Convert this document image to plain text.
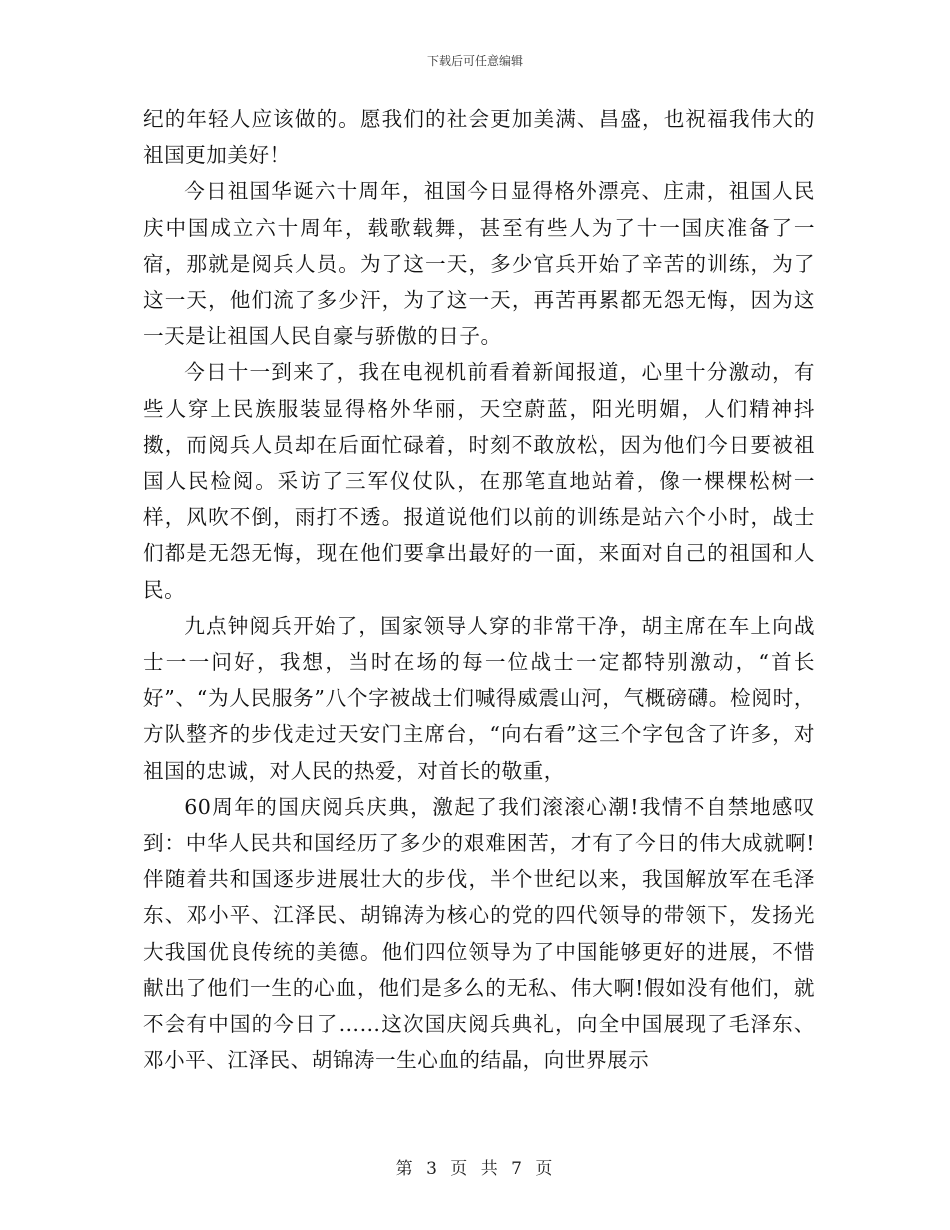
下载后可任意编辑

纪的年轻人应该做的。愿我们的社会更加美满、昌盛，也祝福我伟大的祖国更加美好！

今日祖国华诞六十周年，祖国今日显得格外漂亮、庄肃，祖国人民庆中国成立六十周年，载歌载舞，甚至有些人为了十一国庆准备了一宿，那就是阅兵人员。为了这一天，多少官兵开始了辛苦的训练，为了这一天，他们流了多少汗，为了这一天，再苦再累都无怨无悔，因为这一天是让祖国人民自豪与骄傲的日子。

今日十一到来了，我在电视机前看着新闻报道，心里十分激动，有些人穿上民族服装显得格外华丽，天空蔚蓝，阳光明媚，人们精神抖擞，而阅兵人员却在后面忙碌着，时刻不敢放松，因为他们今日要被祖国人民检阅。采访了三军仪仗队，在那笔直地站着，像一棵棵松树一样，风吹不倒，雨打不透。报道说他们以前的训练是站六个小时，战士们都是无怨无悔，现在他们要拿出最好的一面，来面对自己的祖国和人民。

九点钟阅兵开始了，国家领导人穿的非常干净，胡主席在车上向战士一一问好，我想，当时在场的每一位战士一定都特别激动，“首长好”、“为人民服务”八个字被战士们喊得威震山河，气概磅礴。检阅时，方队整齐的步伐走过天安门主席台，“向右看”这三个字包含了许多，对祖国的忠诚，对人民的热爱，对首长的敬重，

60周年的国庆阅兵庆典，激起了我们滚滚心潮!我情不自禁地感叹到：中华人民共和国经历了多少的艰难困苦，才有了今日的伟大成就啊!伴随着共和国逐步进展壮大的步伐，半个世纪以来，我国解放军在毛泽东、邓小平、江泽民、胡锦涛为核心的党的四代领导的带领下，发扬光大我国优良传统的美德。他们四位领导为了中国能够更好的进展，不惜献出了他们一生的心血，他们是多么的无私、伟大啊!假如没有他们，就不会有中国的今日了……这次国庆阅兵典礼，向全中国展现了毛泽东、邓小平、江泽民、胡锦涛一生心血的结晶，向世界展示

第 3 页 共 7 页
